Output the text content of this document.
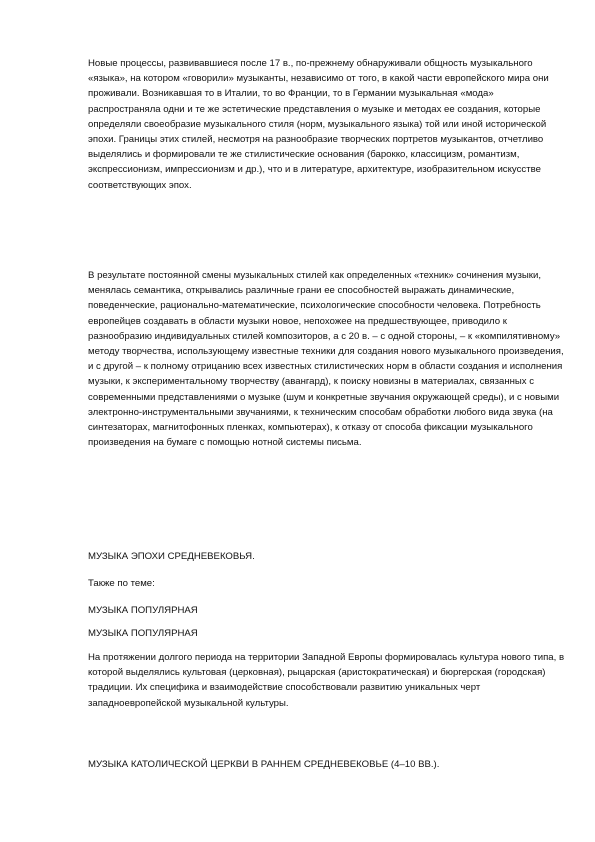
Новые процессы, развивавшиеся после 17 в., по-прежнему обнаруживали общность музыкального «языка», на котором «говорили» музыканты, независимо от того, в какой части европейского мира они проживали. Возникавшая то в Италии, то во Франции, то в Германии музыкальная «мода» распространяла одни и те же эстетические представления о музыке и методах ее создания, которые определяли своеобразие музыкального стиля (норм, музыкального языка) той или иной исторической эпохи. Границы этих стилей, несмотря на разнообразие творческих портретов музыкантов, отчетливо выделялись и формировали те же стилистические основания (барокко, классицизм, романтизм, экспрессионизм, импрессионизм и др.), что и в литературе, архитектуре, изобразительном искусстве соответствующих эпох.

В результате постоянной смены музыкальных стилей как определенных «техник» сочинения музыки, менялась семантика, открывались различные грани ее способностей выражать динамические, поведенческие, рационально-математические, психологические способности человека. Потребность европейцев создавать в области музыки новое, непохожее на предшествующее, приводило к разнообразию индивидуальных стилей композиторов, а с 20 в. – с одной стороны, – к «компилятивному» методу творчества, использующему известные техники для создания нового музыкального произведения, и с другой – к полному отрицанию всех известных стилистических норм в области создания и исполнения музыки, к экспериментальному творчеству (авангард), к поиску новизны в материалах, связанных с современными представлениями о музыке (шум и конкретные звучания окружающей среды), и с новыми электронно-инструментальными звучаниями, к техническим способам обработки любого вида звука (на синтезаторах, магнитофонных пленках, компьютерах), к отказу от способа фиксации музыкального произведения на бумаге с помощью нотной системы письма.

МУЗЫКА ЭПОХИ СРЕДНЕВЕКОВЬЯ.

Также по теме:

МУЗЫКА ПОПУЛЯРНАЯ

МУЗЫКА ПОПУЛЯРНАЯ

На протяжении долгого периода на территории Западной Европы формировалась культура нового типа, в которой выделялись культовая (церковная), рыцарская (аристократическая) и бюргерская (городская) традиции. Их специфика и взаимодействие способствовали развитию уникальных черт западноевропейской музыкальной культуры.

МУЗЫКА КАТОЛИЧЕСКОЙ ЦЕРКВИ В РАННЕМ СРЕДНЕВЕКОВЬЕ (4–10 ВВ.).
